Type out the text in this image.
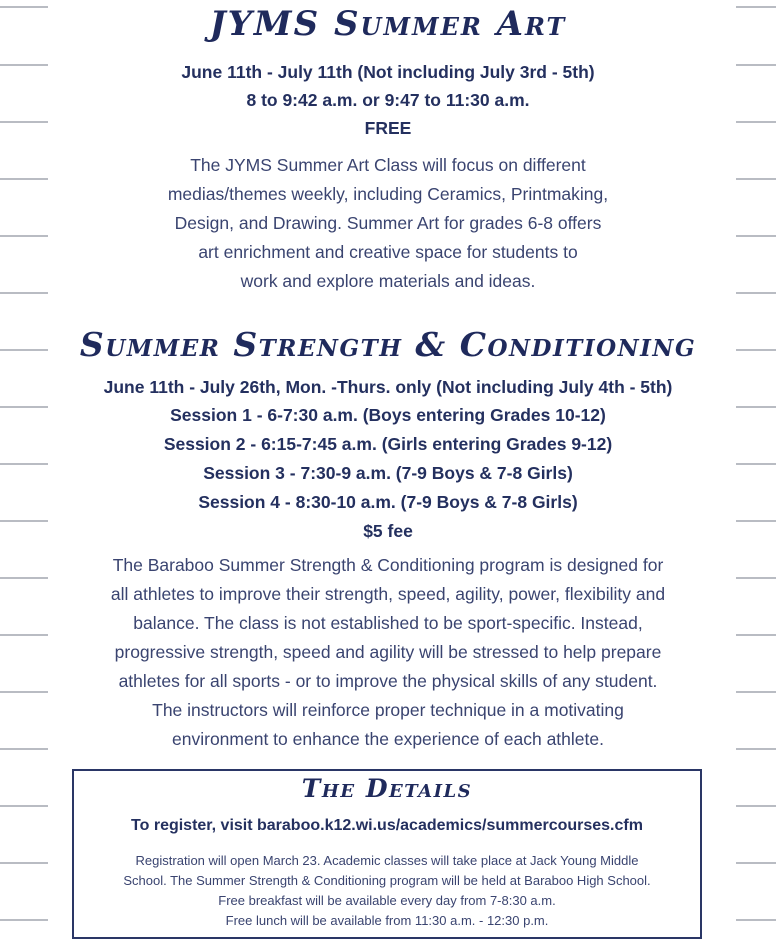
JYMS Summer Art
June 11th - July 11th (Not including July 3rd - 5th)
8 to 9:42 a.m. or 9:47 to 11:30 a.m.
FREE
The JYMS Summer Art Class will focus on different
medias/themes weekly, including Ceramics, Printmaking,
Design, and Drawing. Summer Art for grades 6-8 offers
art enrichment and creative space for students to
work and explore materials and ideas.
Summer Strength & Conditioning
June 11th - July 26th, Mon. -Thurs. only (Not including July 4th - 5th)
Session 1 - 6-7:30 a.m. (Boys entering Grades 10-12)
Session 2 - 6:15-7:45 a.m. (Girls entering Grades 9-12)
Session 3 - 7:30-9 a.m. (7-9 Boys & 7-8 Girls)
Session 4 - 8:30-10 a.m. (7-9 Boys & 7-8 Girls)
$5 fee
The Baraboo Summer Strength & Conditioning program is designed for
all athletes to improve their strength, speed, agility, power, flexibility and
balance. The class is not established to be sport-specific. Instead,
progressive strength, speed and agility will be stressed to help prepare
athletes for all sports - or to improve the physical skills of any student.
The instructors will reinforce proper technique in a motivating
environment to enhance the experience of each athlete.
The Details
To register, visit baraboo.k12.wi.us/academics/summercourses.cfm
Registration will open March 23. Academic classes will take place at Jack Young Middle
School. The Summer Strength & Conditioning program will be held at Baraboo High School.
Free breakfast will be available every day from 7-8:30 a.m.
Free lunch will be available from 11:30 a.m. - 12:30 p.m.
